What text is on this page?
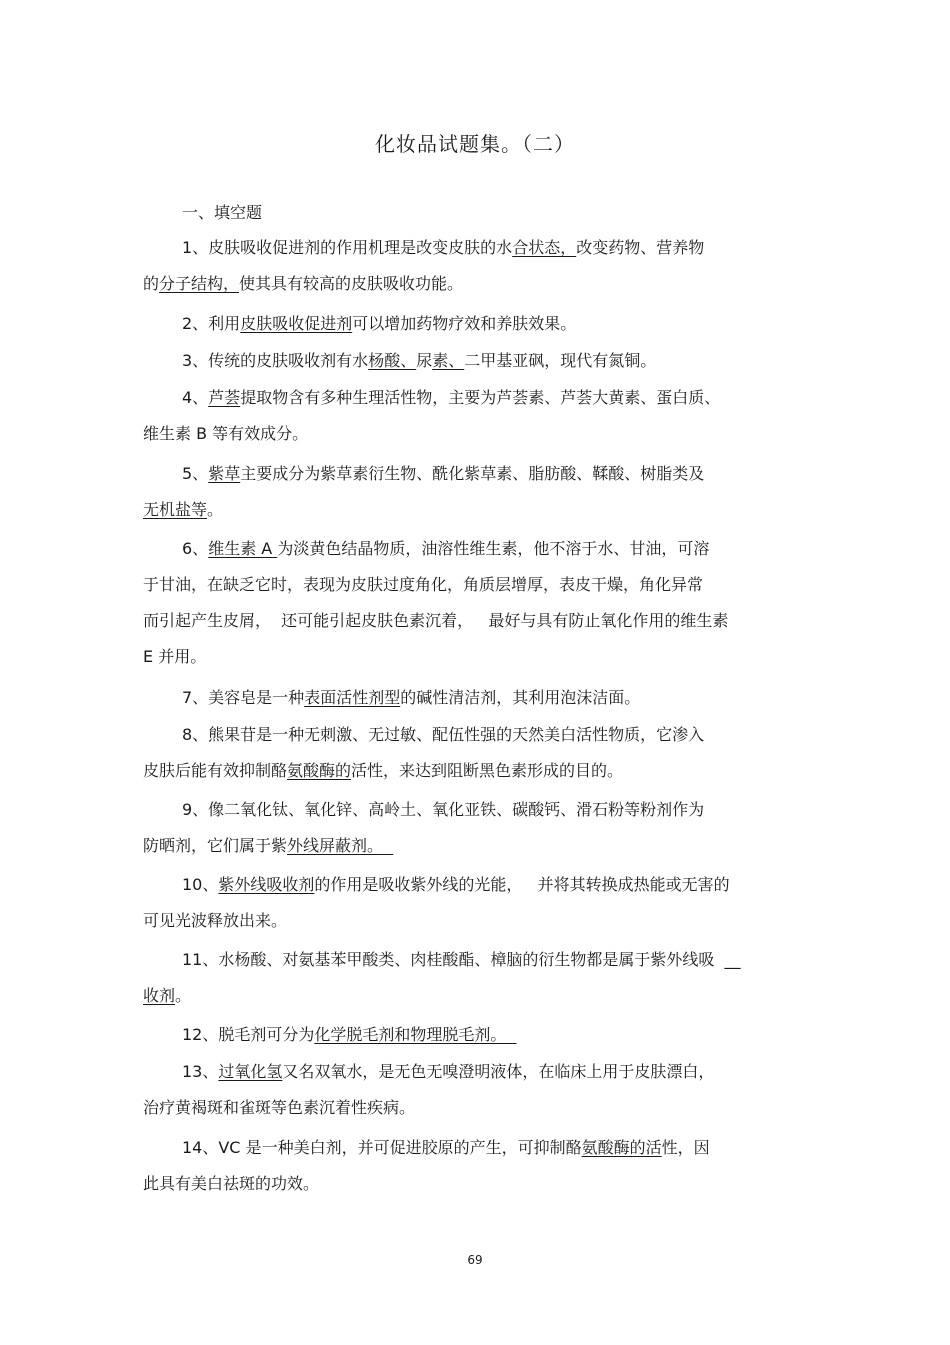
化妆品试题集。（二）
一、填空题
1、皮肤吸收促进剂的作用机理是改变皮肤的水合状态，改变药物、营养物
的分子结构，使其具有较高的皮肤吸收功能。
2、利用皮肤吸收促进剂可以增加药物疗效和养肤效果。
3、传统的皮肤吸收剂有水杨酸、尿素、二甲基亚砜，现代有氮铜。
4、芦荟提取物含有多种生理活性物，主要为芦荟素、芦荟大黄素、蛋白质、
维生素 B 等有效成分。
5、紫草主要成分为紫草素衍生物、酰化紫草素、脂肪酸、鞣酸、树脂类及
无机盐等。
6、维生素 A 为淡黄色结晶物质，油溶性维生素，他不溶于水、甘油，可溶
于甘油，在缺乏它时，表现为皮肤过度角化，角质层增厚，表皮干燥，角化异常
而引起产生皮屑，  还可能引起皮肤色素沉着，   最好与具有防止氧化作用的维生素
E 并用。
7、美容皂是一种表面活性剂型的碱性清洁剂，其利用泡沫洁面。
8、熊果苷是一种无刺激、无过敏、配伍性强的天然美白活性物质，它渗入
皮肤后能有效抑制酪氨酸酶的活性，来达到阻断黑色素形成的目的。
9、像二氧化钛、氧化锌、高岭土、氧化亚铁、碳酸钙、滑石粉等粉剂作为
防晒剂，它们属于紫外线屏蔽剂。
10、紫外线吸收剂的作用是吸收紫外线的光能，   并将其转换成热能或无害的
可见光波释放出来。
11、水杨酸、对氨基苯甲酸类、肉桂酸酯、樟脑的衍生物都是属于紫外线吸  __
收剂。
12、脱毛剂可分为化学脱毛剂和物理脱毛剂。
13、过氧化氢又名双氧水，是无色无嗅澄明液体，在临床上用于皮肤漂白，
治疗黄褐斑和雀斑等色素沉着性疾病。
14、VC 是一种美白剂，并可促进胶原的产生，可抑制酪氨酸酶的活性，因
此具有美白祛斑的功效。
69
